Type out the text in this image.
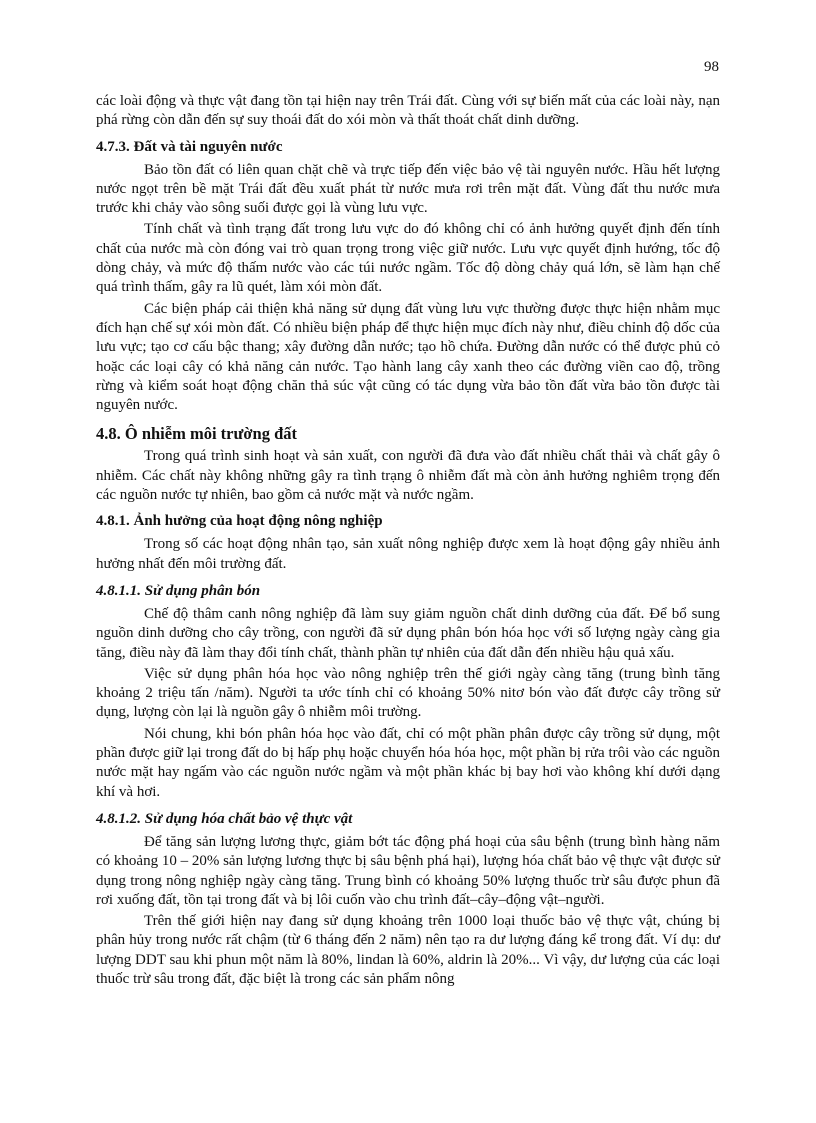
98

các loài động và thực vật đang tồn tại hiện nay trên Trái đất. Cùng với sự biến mất của các loài này, nạn phá rừng còn dẫn đến sự suy thoái đất do xói mòn và thất thoát chất dinh dưỡng.

4.7.3. Đất và tài nguyên nước

Bảo tồn đất có liên quan chặt chẽ và trực tiếp đến việc bảo vệ tài nguyên nước. Hầu hết lượng nước ngọt trên bề mặt Trái đất đều xuất phát từ nước mưa rơi trên mặt đất. Vùng đất thu nước mưa trước khi chảy vào sông suối được gọi là vùng lưu vực.

Tính chất và tình trạng đất trong lưu vực do đó không chỉ có ảnh hưởng quyết định đến tính chất của nước mà còn đóng vai trò quan trọng trong việc giữ nước. Lưu vực quyết định hướng, tốc độ dòng chảy, và mức độ thấm nước vào các túi nước ngầm. Tốc độ dòng chảy quá lớn, sẽ làm hạn chế quá trình thấm, gây ra lũ quét, làm xói mòn đất.

Các biện pháp cải thiện khả năng sử dụng đất vùng lưu vực thường được thực hiện nhằm mục đích hạn chế sự xói mòn đất. Có nhiều biện pháp để thực hiện mục đích này như, điều chỉnh độ dốc của lưu vực; tạo cơ cấu bậc thang; xây đường dẫn nước; tạo hồ chứa. Đường dẫn nước có thể được phủ cỏ hoặc các loại cây có khả năng cản nước. Tạo hành lang cây xanh theo các đường viền cao độ, trồng rừng và kiểm soát hoạt động chăn thả súc vật cũng có tác dụng vừa bảo tồn đất vừa bảo tồn được tài nguyên nước.

4.8. Ô nhiễm môi trường đất

Trong quá trình sinh hoạt và sản xuất, con người đã đưa vào đất nhiều chất thải và chất gây ô nhiễm. Các chất này không những gây ra tình trạng ô nhiễm đất mà còn ảnh hưởng nghiêm trọng đến các nguồn nước tự nhiên, bao gồm cả nước mặt và nước ngầm.

4.8.1. Ảnh hưởng của hoạt động nông nghiệp

Trong số các hoạt động nhân tạo, sản xuất nông nghiệp được xem là hoạt động gây nhiều ảnh hưởng nhất đến môi trường đất.

4.8.1.1. Sử dụng phân bón

Chế độ thâm canh nông nghiệp đã làm suy giảm nguồn chất dinh dưỡng của đất. Để bổ sung nguồn dinh dưỡng cho cây trồng, con người đã sử dụng phân bón hóa học với số lượng ngày càng gia tăng, điều này đã làm thay đổi tính chất, thành phần tự nhiên của đất dẫn đến nhiều hậu quả xấu.

Việc sử dụng phân hóa học vào nông nghiệp trên thế giới ngày càng tăng (trung bình tăng khoảng 2 triệu tấn /năm). Người ta ước tính chỉ có khoảng 50% nitơ bón vào đất được cây trồng sử dụng, lượng còn lại là nguồn gây ô nhiễm môi trường.

Nói chung, khi bón phân hóa học vào đất, chỉ có một phần phân được cây trồng sử dụng, một phần được giữ lại trong đất do bị hấp phụ hoặc chuyển hóa hóa học, một phần bị rửa trôi vào các nguồn nước mặt hay ngấm vào các nguồn nước ngầm và một phần khác bị bay hơi vào không khí dưới dạng khí và hơi.

4.8.1.2. Sử dụng hóa chất bảo vệ thực vật

Để tăng sản lượng lương thực, giảm bớt tác động phá hoại của sâu bệnh (trung bình hàng năm có khoảng 10 – 20% sản lượng lương thực bị sâu bệnh phá hại), lượng hóa chất bảo vệ thực vật được sử dụng trong nông nghiệp ngày càng tăng. Trung bình có khoảng 50% lượng thuốc trừ sâu được phun đã rơi xuống đất, tồn tại trong đất và bị lôi cuốn vào chu trình đất–cây–động vật–người.

Trên thế giới hiện nay đang sử dụng khoảng trên 1000 loại thuốc bảo vệ thực vật, chúng bị phân hủy trong nước rất chậm (từ 6 tháng đến 2 năm) nên tạo ra dư lượng đáng kể trong đất. Ví dụ: dư lượng DDT sau khi phun một năm là 80%, lindan là 60%, aldrin là 20%... Vì vậy, dư lượng của các loại thuốc trừ sâu trong đất, đặc biệt là trong các sản phẩm nông
